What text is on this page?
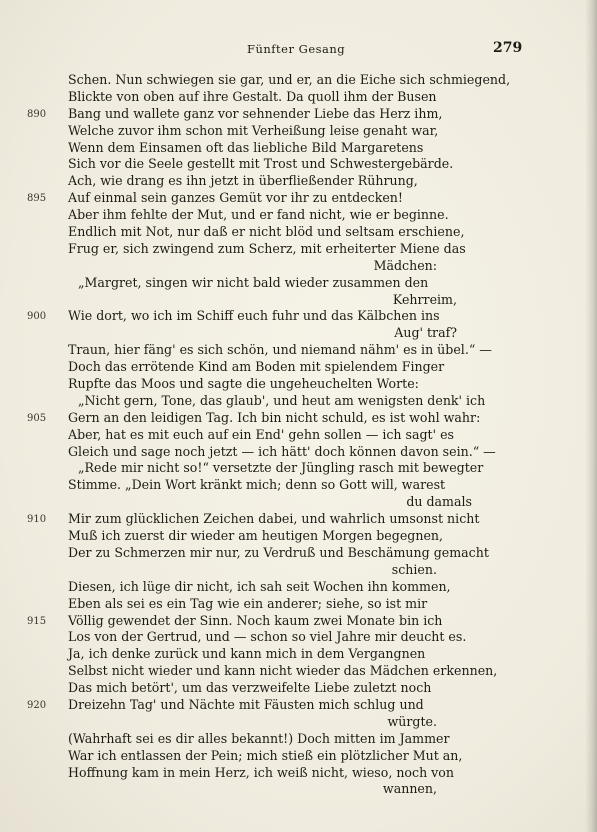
Fünfter Gesang	279
Schen. Nun schwiegen sie gar, und er, an die Eiche sich schmiegend,
Blickte von oben auf ihre Gestalt. Da quoll ihm der Busen
890 Bang und wallete ganz vor sehnender Liebe das Herz ihm,
Welche zuvor ihm schon mit Verheißung leise genaht war,
Wenn dem Einsamen oft das liebliche Bild Margaretens
Sich vor die Seele gestellt mit Trost und Schwestergebärde.
Ach, wie drang es ihn jetzt in überfließender Rührung,
895 Auf einmal sein ganzes Gemüt vor ihr zu entdecken!
Aber ihm fehlte der Mut, und er fand nicht, wie er beginne.
Endlich mit Not, nur daß er nicht blöd und seltsam erschiene,
Frug er, sich zwingend zum Scherz, mit erheiterter Miene das
Mädchen:
„Margret, singen wir nicht bald wieder zusammen den
Kehrreim,
900 Wie dort, wo ich im Schiff euch fuhr und das Kälbchen ins
Aug' traf?
Traun, hier fäng' es sich schön, und niemand nähm' es in übel.“ —
Doch das errötende Kind am Boden mit spielendem Finger
Rupfte das Moos und sagte die ungeheuchelten Worte:
„Nicht gern, Tone, das glaub', und heut am wenigsten denk' ich
905 Gern an den leidigen Tag. Ich bin nicht schuld, es ist wohl wahr:
Aber, hat es mit euch auf ein End' gehn sollen — ich sagt' es
Gleich und sage noch jetzt — ich hätt' doch können davon sein.“ —
„Rede mir nicht so!“ versetzte der Jüngling rasch mit bewegter
Stimme. „Dein Wort kränkt mich; denn so Gott will, warest
du damals
910 Mir zum glücklichen Zeichen dabei, und wahrlich umsonst nicht
Muß ich zuerst dir wieder am heutigen Morgen begegnen,
Der zu Schmerzen mir nur, zu Verdruß und Beschämung gemacht
schien.
Diesen, ich lüge dir nicht, ich sah seit Wochen ihn kommen,
Eben als sei es ein Tag wie ein anderer; siehe, so ist mir
915 Völlig gewendet der Sinn. Noch kaum zwei Monate bin ich
Los von der Gertrud, und — schon so viel Jahre mir deucht es.
Ja, ich denke zurück und kann mich in dem Vergangnen
Selbst nicht wieder und kann nicht wieder das Mädchen erkennen,
Das mich betört', um das verzweifelte Liebe zuletzt noch
920 Dreizehn Tag' und Nächte mit Fäusten mich schlug und
würgte.
(Wahrhaft sei es dir alles bekannt!) Doch mitten im Jammer
War ich entlassen der Pein; mich stieß ein plötzlicher Mut an,
Hoffnung kam in mein Herz, ich weiß nicht, wieso, noch von
wannen,
